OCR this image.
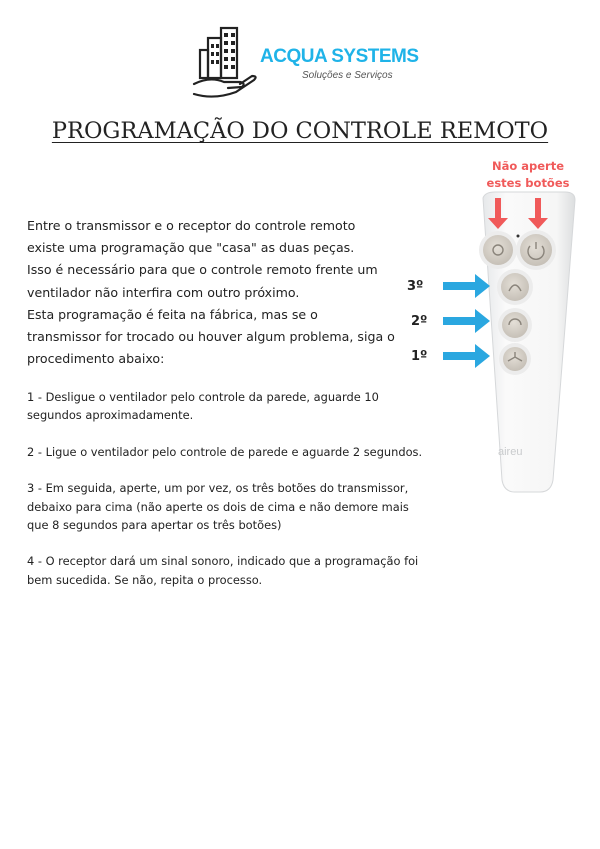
ACQUA SYSTEMS
Soluções e Serviços
PROGRAMAÇÃO DO CONTROLE REMOTO
Entre o transmissor e o receptor do controle remoto
existe uma programação que "casa" as duas peças.
Isso é necessário para que o controle remoto frente um
ventilador não interfira com outro próximo.
Esta programação é feita na fábrica, mas se o
transmissor for trocado ou houver algum problema, siga o
procedimento abaixo:
1 - Desligue o ventilador pelo controle da parede, aguarde 10
segundos aproximadamente.
2 - Ligue o ventilador pelo controle de parede e aguarde 2 segundos.
3 - Em seguida, aperte, um por vez, os três botões do transmissor,
debaixo para cima (não aperte os dois de cima e não demore mais
que 8 segundos para apertar os três botões)
4 - O receptor dará um sinal sonoro, indicado que a programação foi
bem sucedida. Se não, repita o processo.
Não aperte
estes botões
aireu
3º
2º
1º
